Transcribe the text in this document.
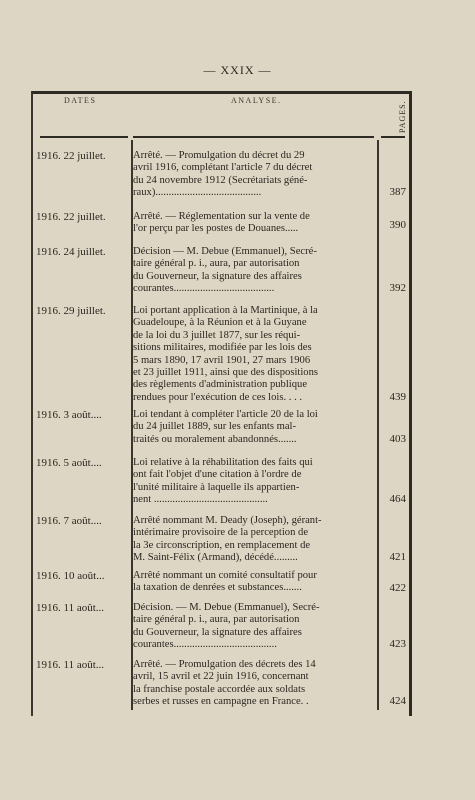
— XXIX —
DATES	ANALYSE.	PAGES.
1916. 22 juillet.	Arrêté. — Promulgation du décret du 29

avril 1916, complétant l'article 7 du décret

du 24 novembre 1912 (Secrétariats géné-

raux)........................................	387
1916. 22 juillet.	Arrêté. — Réglementation sur la vente de

l'or perçu par les postes de Douanes.....	390
1916. 24 juillet.	Décision — M. Debue (Emmanuel), Secré-

taire général p. i., aura, par autorisation

du Gouverneur, la signature des affaires

courantes......................................	392
1916. 29 juillet.	Loi portant application à la Martinique, à la

Guadeloupe, à la Réunion et à la Guyane

de la loi du 3 juillet 1877, sur les réqui-

sitions militaires, modifiée par les lois des

5 mars 1890, 17 avril 1901, 27 mars 1906

et 23 juillet 1911, ainsi que des dispositions

des règlements d'administration publique

rendues pour l'exécution de ces lois. . . .	439
1916. 3 août....	Loi tendant à compléter l'article 20 de la loi

du 24 juillet 1889, sur les enfants mal-

traités ou moralement abandonnés.......	403
1916. 5 août....	Loi relative à la réhabilitation des faits qui

ont fait l'objet d'une citation à l'ordre de

l'unité militaire à laquelle ils appartien-

nent ...........................................	464
1916. 7 août....	Arrêté nommant M. Deady (Joseph), gérant-

intérimaire provisoire de la perception de

la 3e circonscription, en remplacement de

M. Saint-Félix (Armand), décédé.........	421
1916. 10 août...	Arrêté nommant un comité consultatif pour

la taxation de denrées et substances.......	422
1916. 11 août...	Décision. — M. Debue (Emmanuel), Secré-

taire général p. i., aura, par autorisation

du Gouverneur, la signature des affaires

courantes.......................................	423
1916. 11 août...	Arrêté. — Promulgation des décrets des 14

avril, 15 avril et 22 juin 1916, concernant

la franchise postale accordée aux soldats

serbes et russes en campagne en France. .	424
